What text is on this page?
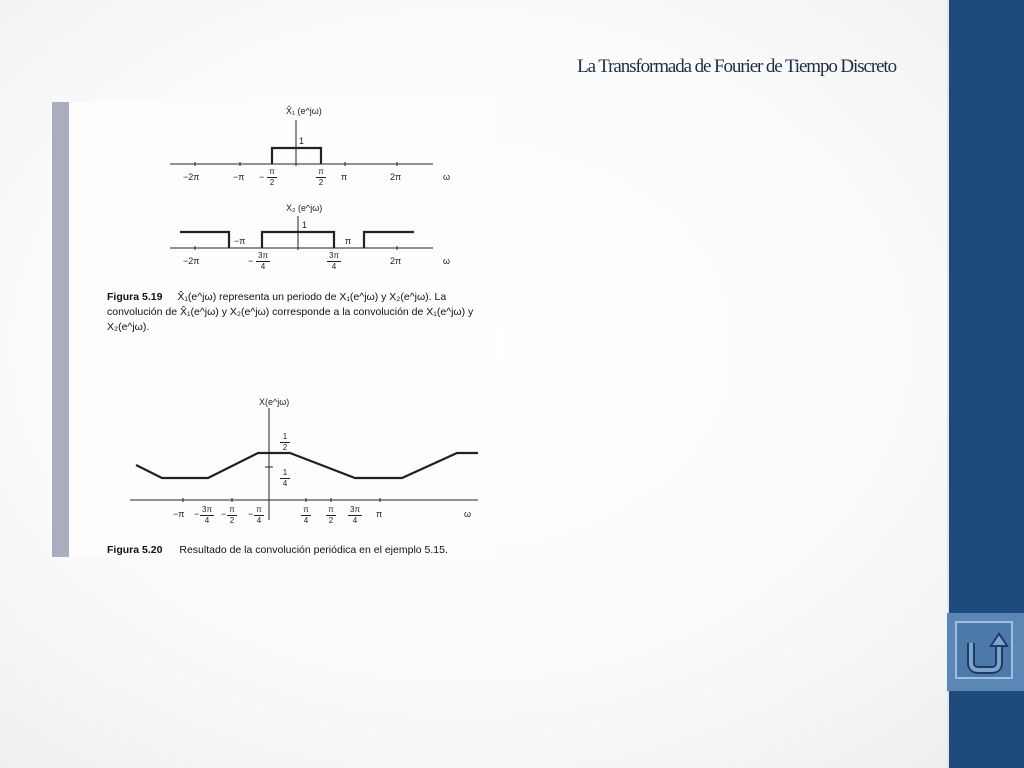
La Transformada de Fourier de Tiempo Discreto
X̂₁ (e^jω)
1
−2π	−π −
π
2
π
2
π	2π	ω
X₂ (e^jω)
1
−π	π
−2π	−
3π
4
3π
4
2π	ω
Figura 5.19 X̂₁(e^jω) representa un periodo de X₁(e^jω) y X₂(e^jω). La
convolución de X̂₁(e^jω) y X₂(e^jω) corresponde a la convolución de X₁(e^jω) y
X₂(e^jω).
X(e^jω)
1
2
1
4
−π − 3π
4
− π
2
− π
4
π
4
π
2
3π
4
π	ω
Figura 5.20 Resultado de la convolución periódica en el ejemplo 5.15.
